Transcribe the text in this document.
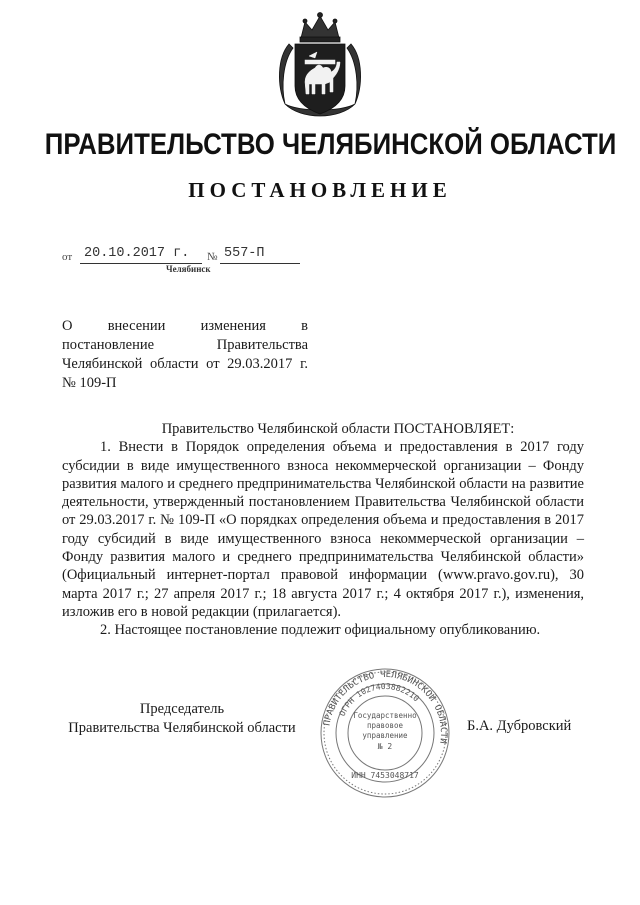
ПРАВИТЕЛЬСТВО ЧЕЛЯБИНСКОЙ ОБЛАСТИ
ПОСТАНОВЛЕНИЕ
от 20.10.2017 г.	№ 557-П
Челябинск
О внесении изменения в постановление Правительства Челябинской области от 29.03.2017 г. № 109-П

Правительство Челябинской области ПОСТАНОВЛЯЕТ:

1. Внести в Порядок определения объема и предоставления в 2017 году субсидии в виде имущественного взноса некоммерческой организации – Фонду развития малого и среднего предпринимательства Челябинской области на развитие деятельности, утвержденный постановлением Правительства Челябинской области от 29.03.2017 г. № 109-П «О порядках определения объема и предоставления в 2017 году субсидий в виде имущественного взноса некоммерческой организации – Фонду развития малого и среднего предпринимательства Челябинской области» (Официальный интернет-портал правовой информации (www.pravo.gov.ru), 30 марта 2017 г.; 27 апреля 2017 г.; 18 августа 2017 г.; 4 октября 2017 г.), изменения, изложив его в новой редакции (прилагается).

2. Настоящее постановление подлежит официальному опубликованию.

Председатель
Правительства Челябинской области	ПРАВИТЕЛЬСТВО ЧЕЛЯБИНСКОЙ ОБЛАСТИ
ОГРН 1027403882210
ИНН 7453048717
Государственно
правовое
управление
№ 2
Б.А. Дубровский
